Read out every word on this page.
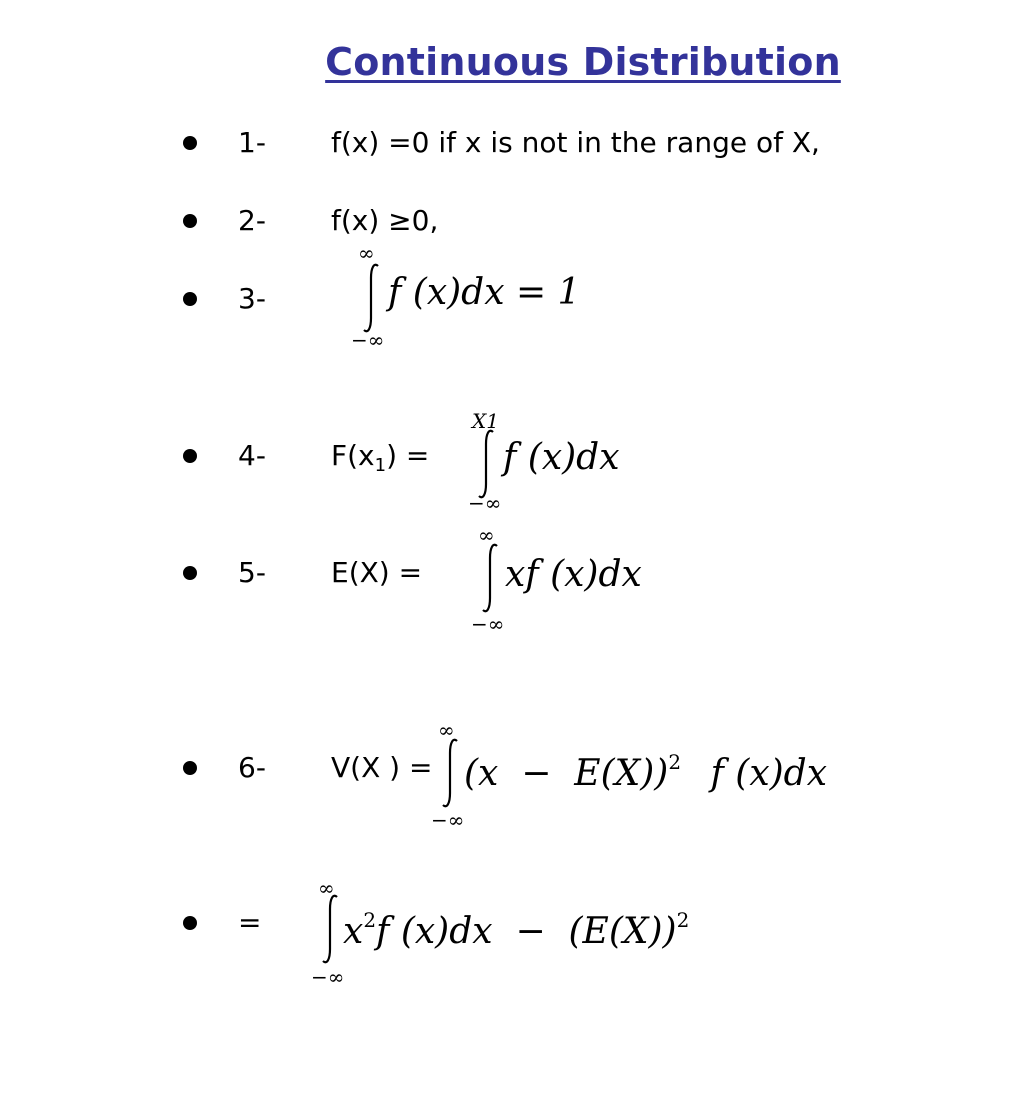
Continuous Distribution
1- f(x) =0 if x is not in the range of X,
2- f(x) ≥0,
3-
∞
−∞
f (x)dx = 1
4- $F(x_1)$ =
X1
−∞
f (x)dx
5- E(X) =
∞
−∞
xf (x)dx
6- V(X ) =
∞
−∞
$(x - E(X))^2$ f (x)dx
=
∞
−∞
$x^2f$ $(x)dx - (E(X))^2$
